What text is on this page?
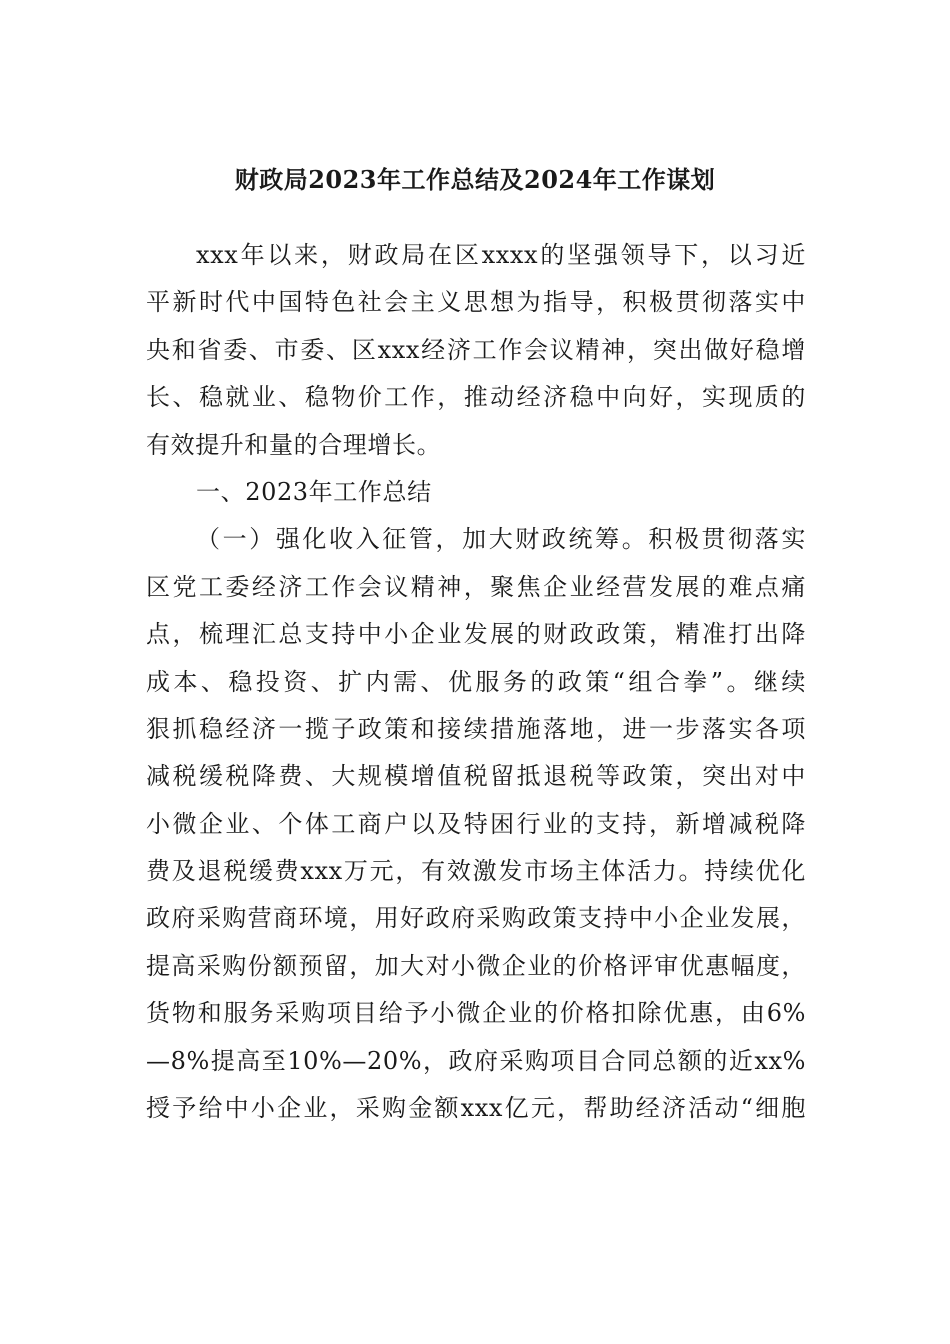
财政局2023年工作总结及2024年工作谋划
xxx年以来，财政局在区xxxx的坚强领导下，以习近
平新时代中国特色社会主义思想为指导，积极贯彻落实中
央和省委、市委、区xxx经济工作会议精神，突出做好稳增
长、稳就业、稳物价工作，推动经济稳中向好，实现质的
有效提升和量的合理增长。
一、2023年工作总结
（一）强化收入征管，加大财政统筹。积极贯彻落实
区党工委经济工作会议精神，聚焦企业经营发展的难点痛
点，梳理汇总支持中小企业发展的财政政策，精准打出降
成本、稳投资、扩内需、优服务的政策“组合拳”。继续
狠抓稳经济一揽子政策和接续措施落地，进一步落实各项
减税缓税降费、大规模增值税留抵退税等政策，突出对中
小微企业、个体工商户以及特困行业的支持，新增减税降
费及退税缓费xxx万元，有效激发市场主体活力。持续优化
政府采购营商环境，用好政府采购政策支持中小企业发展，
提高采购份额预留，加大对小微企业的价格评审优惠幅度，
货物和服务采购项目给予小微企业的价格扣除优惠，由6%
—8%提高至10%—20%，政府采购项目合同总额的近xx%
授予给中小企业，采购金额xxx亿元，帮助经济活动“细胞
